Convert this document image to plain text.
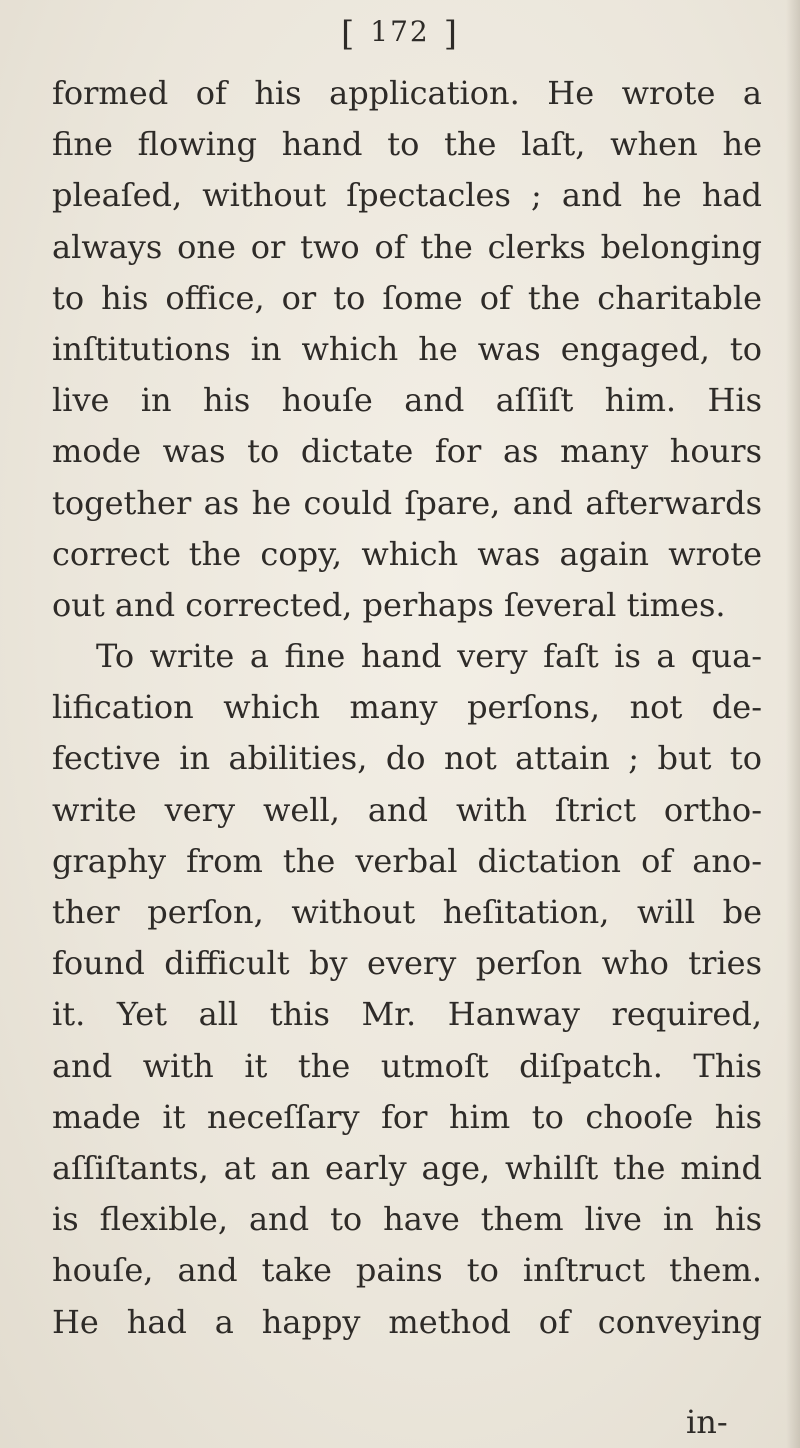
[ 172 ]
formed of his application. He wrote a
fine flowing hand to the laſt, when he
pleaſed, without ſpectacles ; and he had
always one or two of the clerks belonging
to his office, or to ſome of the charitable
inſtitutions in which he was engaged, to
live in his houſe and aſſiſt him. His
mode was to dictate for as many hours
together as he could ſpare, and afterwards
correct the copy, which was again wrote
out and corrected, perhaps ſeveral times.
To write a fine hand very faſt is a qua-
lification which many perſons, not de-
fective in abilities, do not attain ; but to
write very well, and with ſtrict ortho-
graphy from the verbal dictation of ano-
ther perſon, without heſitation, will be
found difficult by every perſon who tries
it. Yet all this Mr. Hanway required,
and with it the utmoſt diſpatch. This
made it neceſſary for him to chooſe his
aſſiſtants, at an early age, whilſt the mind
is flexible, and to have them live in his
houſe, and take pains to inſtruct them.
He had a happy method of conveying
in-
